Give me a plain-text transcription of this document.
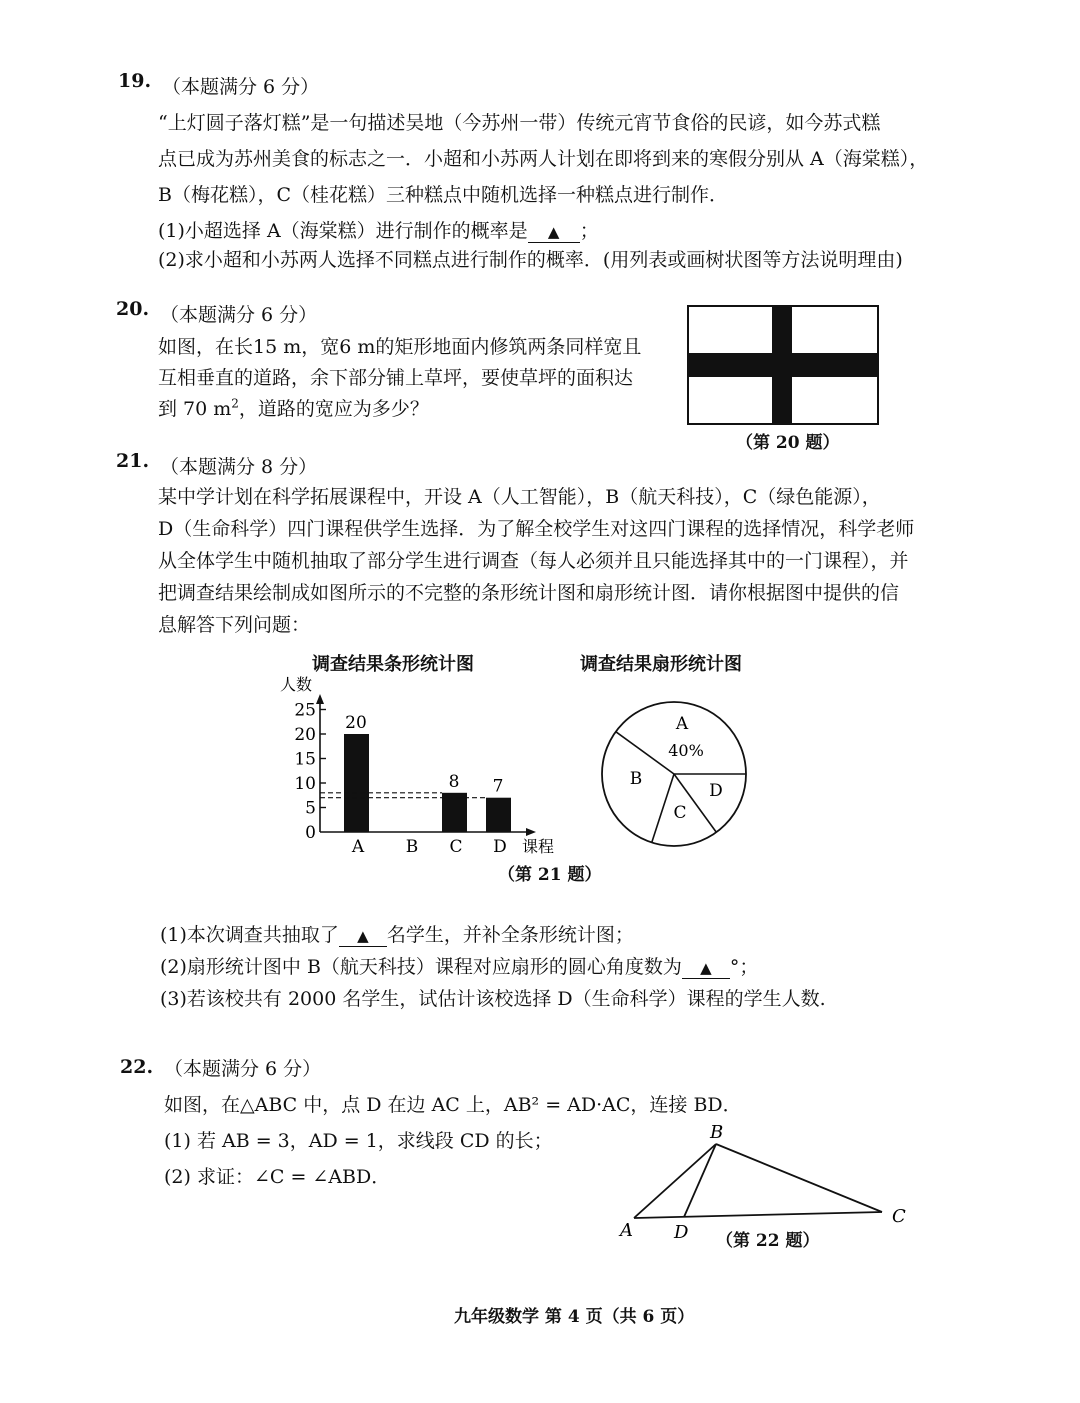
19. （本题满分 6 分）
“上灯圆子落灯糕”是一句描述吴地（今苏州一带）传统元宵节食俗的民谚，如今苏式糕
点已成为苏州美食的标志之一．小超和小苏两人计划在即将到来的寒假分别从 A（海棠糕），
B（梅花糕），C（桂花糕）三种糕点中随机选择一种糕点进行制作．
(1)小超选择 A（海棠糕）进行制作的概率是 ▲ ；
(2)求小超和小苏两人选择不同糕点进行制作的概率．(用列表或画树状图等方法说明理由)
20. （本题满分 6 分）
如图，在长15 m，宽6 m的矩形地面内修筑两条同样宽且
互相垂直的道路，余下部分铺上草坪，要使草坪的面积达
到 70 $m^2$，道路的宽应为多少？
（第 20 题）
21. （本题满分 8 分）
某中学计划在科学拓展课程中，开设 A（人工智能），B（航天科技），C（绿色能源），
D（生命科学）四门课程供学生选择．为了解全校学生对这四门课程的选择情况，科学老师
从全体学生中随机抽取了部分学生进行调查（每人必须并且只能选择其中的一门课程），并
把调查结果绘制成如图所示的不完整的条形统计图和扇形统计图．请你根据图中提供的信
息解答下列问题：
调查结果条形统计图	调查结果扇形统计图
人数
0
5
10
15
20
25
20
A B
8
C
7
D 课程
A
40%
B
C
D
（第 21 题）
(1)本次调查共抽取了 ▲ 名学生，并补全条形统计图；
(2)扇形统计图中 B（航天科技）课程对应扇形的圆心角度数为 ▲ °；
(3)若该校共有 2000 名学生，试估计该校选择 D（生命科学）课程的学生人数.
22. （本题满分 6 分）
如图，在△ABC 中，点 D 在边 AC 上，AB² = AD·AC，连接 BD．
(1) 若 AB = 3，AD = 1，求线段 CD 的长；
(2) 求证：∠C = ∠ABD．
A
B
C
D （第 22 题）
九年级数学 第 4 页（共 6 页）
